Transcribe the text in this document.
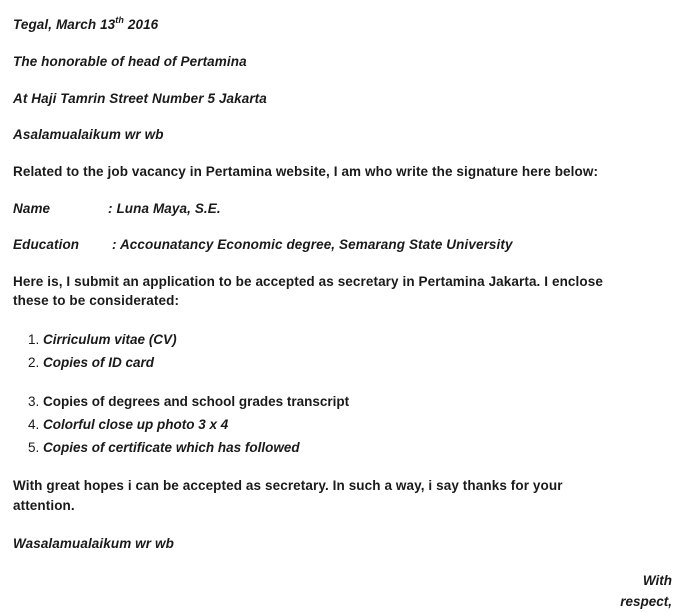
Tegal, March 13th 2016
The honorable of head of Pertamina
At Haji Tamrin Street Number 5 Jakarta
Asalamualaikum wr wb
Related to the job vacancy in Pertamina website, I am who write the signature here below:
Name	: Luna Maya, S.E.
Education : Accounatancy Economic degree, Semarang State University
Here is, I submit an application to be accepted as secretary in Pertamina Jakarta. I enclose
these to be considerated:
1. Cirriculum vitae (CV)
2. Copies of ID card
3. Copies of degrees and school grades transcript
4. Colorful close up photo 3 x 4
5. Copies of certificate which has followed
With great hopes i can be accepted as secretary. In such a way, i say thanks for your
attention.
Wasalamualaikum wr wb
With
respect,
